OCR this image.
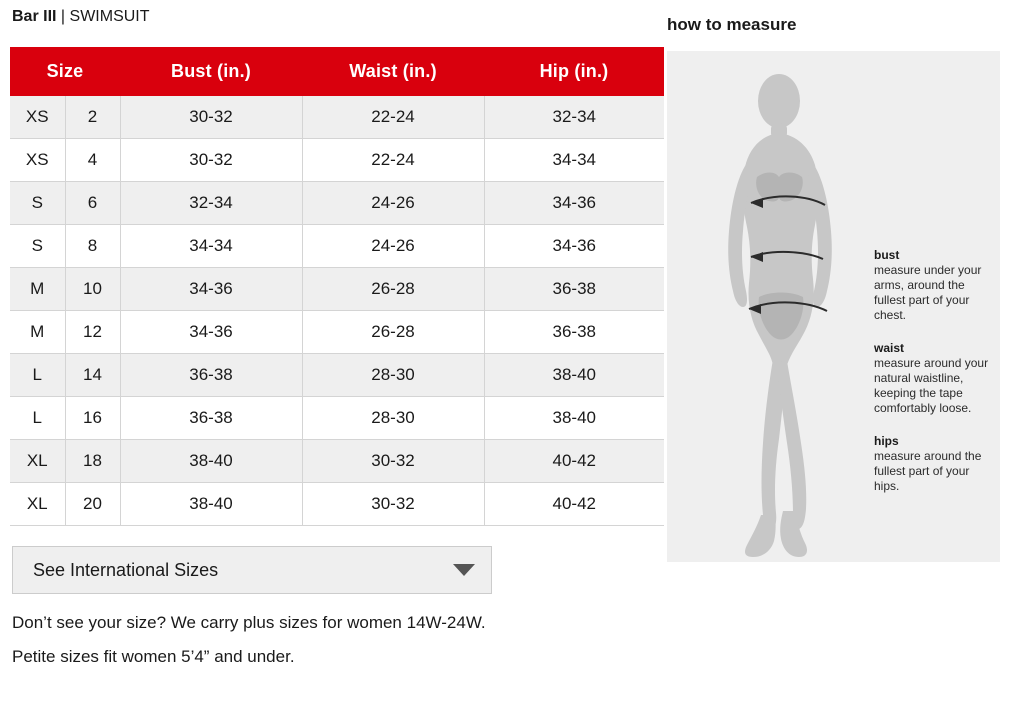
Bar III | SWIMSUIT
Size		Bust (in.)	Waist (in.)	Hip (in.)
XS	2	30-32	22-24	32-34
XS	4	30-32	22-24	34-34
S	6	32-34	24-26	34-36
S	8	34-34	24-26	34-36
M	10	34-36	26-28	36-38
M	12	34-36	26-28	36-38
L	14	36-38	28-30	38-40
L	16	36-38	28-30	38-40
XL	18	38-40	30-32	40-42
XL	20	38-40	30-32	40-42
See International Sizes

Don’t see your size? We carry plus sizes for women 14W-24W.

Petite sizes fit women 5’4” and under.

how to measure
bust
measure under your arms, around the fullest part of your chest.
waist
measure around your natural waistline, keeping the tape comfortably loose.
hips
measure around the fullest part of your hips.
